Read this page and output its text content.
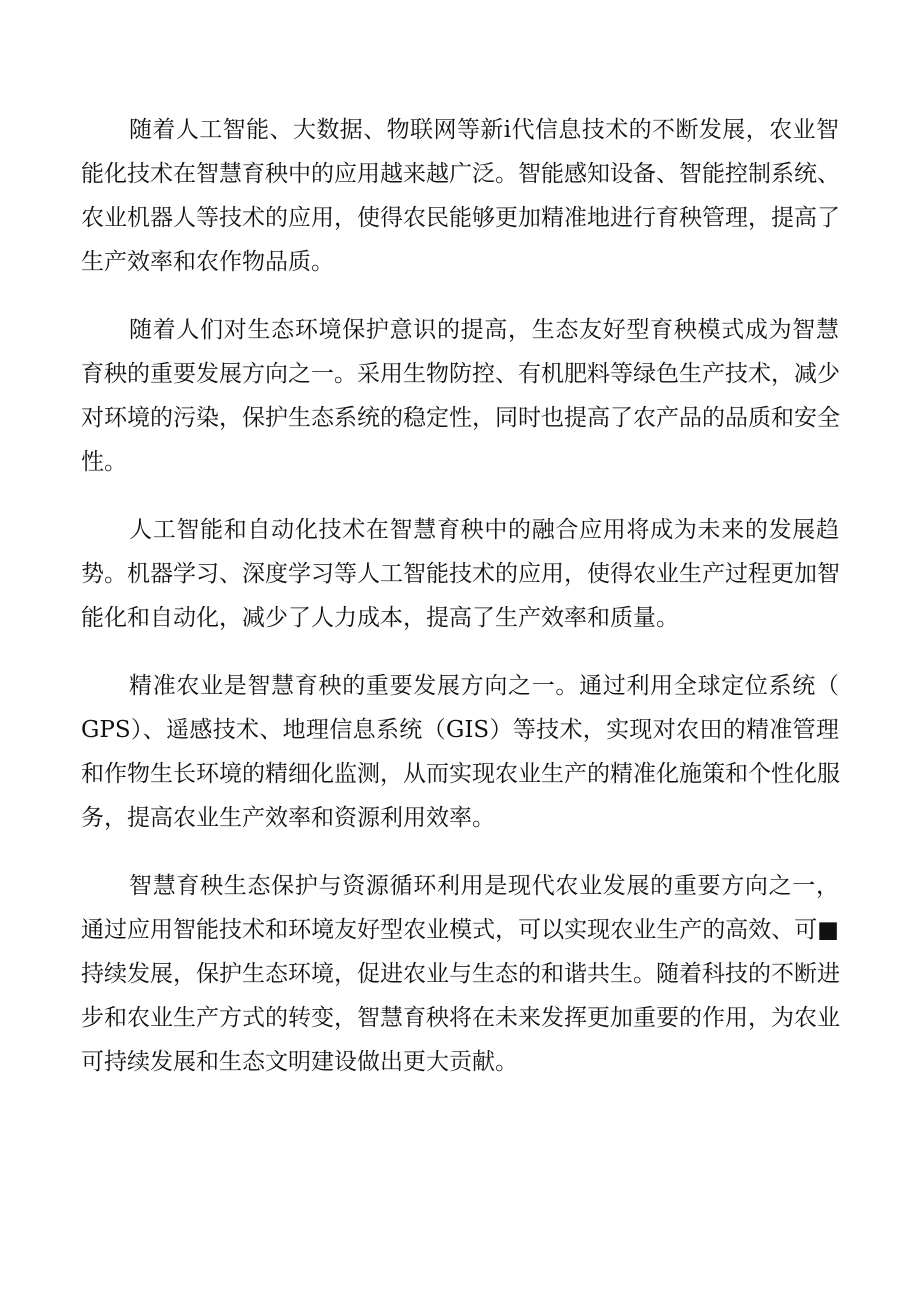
随着人工智能、大数据、物联网等新i代信息技术的不断发展，农业智
能化技术在智慧育秧中的应用越来越广泛。智能感知设备、智能控制系统、
农业机器人等技术的应用，使得农民能够更加精准地进行育秧管理，提高了
生产效率和农作物品质。
随着人们对生态环境保护意识的提高，生态友好型育秧模式成为智慧
育秧的重要发展方向之一。采用生物防控、有机肥料等绿色生产技术，减少
对环境的污染，保护生态系统的稳定性，同时也提高了农产品的品质和安全
性。
人工智能和自动化技术在智慧育秧中的融合应用将成为未来的发展趋
势。机器学习、深度学习等人工智能技术的应用，使得农业生产过程更加智
能化和自动化，减少了人力成本，提高了生产效率和质量。
精准农业是智慧育秧的重要发展方向之一。通过利用全球定位系统（
GPS）、遥感技术、地理信息系统（GIS）等技术，实现对农田的精准管理
和作物生长环境的精细化监测，从而实现农业生产的精准化施策和个性化服
务，提高农业生产效率和资源利用效率。
智慧育秧生态保护与资源循环利用是现代农业发展的重要方向之一，
通过应用智能技术和环境友好型农业模式，可以实现农业生产的高效、可■
持续发展，保护生态环境，促进农业与生态的和谐共生。随着科技的不断进
步和农业生产方式的转变，智慧育秧将在未来发挥更加重要的作用，为农业
可持续发展和生态文明建设做出更大贡献。
